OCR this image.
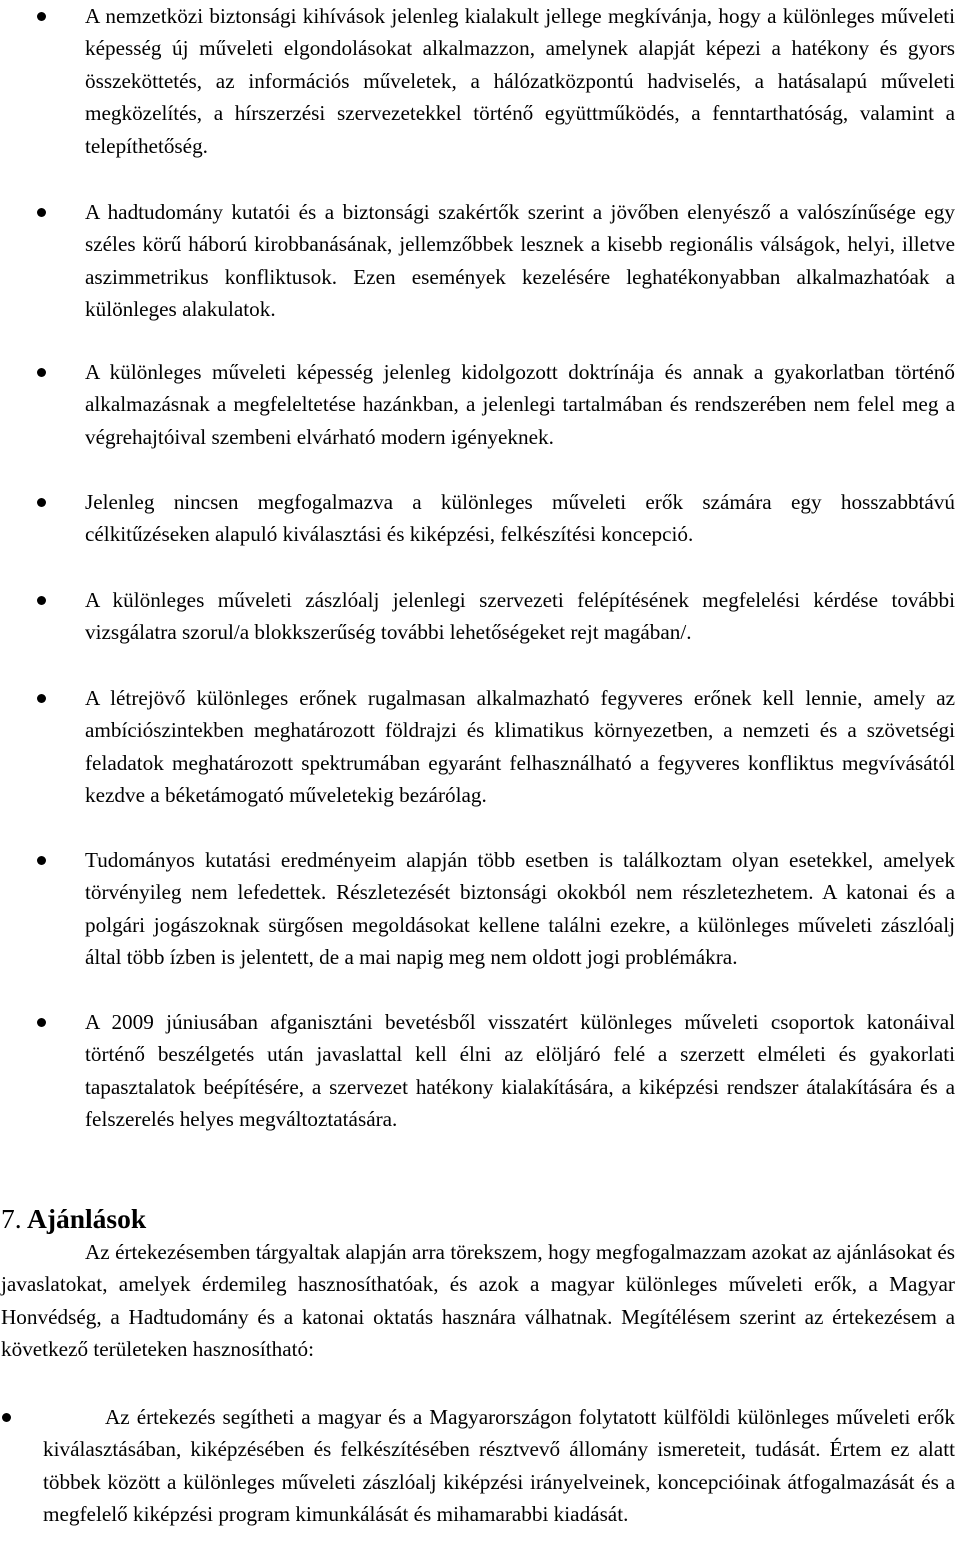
A nemzetközi biztonsági kihívások jelenleg kialakult jellege megkívánja, hogy a különleges műveleti képesség új műveleti elgondolásokat alkalmazzon, amelynek alapját képezi a hatékony és gyors összeköttetés, az információs műveletek, a hálózatközpontú hadviselés, a hatásalapú műveleti megközelítés, a hírszerzési szervezetekkel történő együttműködés, a fenntarthatóság, valamint a telepíthetőség.

A hadtudomány kutatói és a biztonsági szakértők szerint a jövőben elenyésző a valószínűsége egy széles körű háború kirobbanásának, jellemzőbbek lesznek a kisebb regionális válságok, helyi, illetve aszimmetrikus konfliktusok. Ezen események kezelésére leghatékonyabban alkalmazhatóak a különleges alakulatok.

A különleges műveleti képesség jelenleg kidolgozott doktrínája és annak a gyakorlatban történő alkalmazásnak a megfeleltetése hazánkban, a jelenlegi tartalmában és rendszerében nem felel meg a végrehajtóival szembeni elvárható modern igényeknek.

Jelenleg nincsen megfogalmazva a különleges műveleti erők számára egy hosszabbtávú célkitűzéseken alapuló kiválasztási és kiképzési, felkészítési koncepció.

A különleges műveleti zászlóalj jelenlegi szervezeti felépítésének megfelelési kérdése további vizsgálatra szorul/a blokkszerűség további lehetőségeket rejt magában/.

A létrejövő különleges erőnek rugalmasan alkalmazható fegyveres erőnek kell lennie, amely az ambíciószintekben meghatározott földrajzi és klimatikus környezetben, a nemzeti és a szövetségi feladatok meghatározott spektrumában egyaránt felhasználható a fegyveres konfliktus megvívásától kezdve a béketámogató műveletekig bezárólag.

Tudományos kutatási eredményeim alapján több esetben is találkoztam olyan esetekkel, amelyek törvényileg nem lefedettek. Részletezését biztonsági okokból nem részletezhetem. A katonai és a polgári jogászoknak sürgősen megoldásokat kellene találni ezekre, a különleges műveleti zászlóalj által több ízben is jelentett, de a mai napig meg nem oldott jogi problémákra.

A 2009 júniusában afganisztáni bevetésből visszatért különleges műveleti csoportok katonáival történő beszélgetés után javaslattal kell élni az elöljáró felé a szerzett elméleti és gyakorlati tapasztalatok beépítésére, a szervezet hatékony kialakítására, a kiképzési rendszer átalakítására és a felszerelés helyes megváltoztatására.

7. Ajánlások

Az értekezésemben tárgyaltak alapján arra törekszem, hogy megfogalmazzam azokat az ajánlásokat és javaslatokat, amelyek érdemileg hasznosíthatóak, és azok a magyar különleges műveleti erők, a Magyar Honvédség, a Hadtudomány és a katonai oktatás hasznára válhatnak. Megítélésem szerint az értekezésem a következő területeken hasznosítható:

Az értekezés segítheti a magyar és a Magyarországon folytatott külföldi különleges műveleti erők kiválasztásában, kiképzésében és felkészítésében résztvevő állomány ismereteit, tudását. Értem ez alatt többek között a különleges műveleti zászlóalj kiképzési irányelveinek, koncepcióinak átfogalmazását és a megfelelő kiképzési program kimunkálását és mihamarabbi kiadását.
